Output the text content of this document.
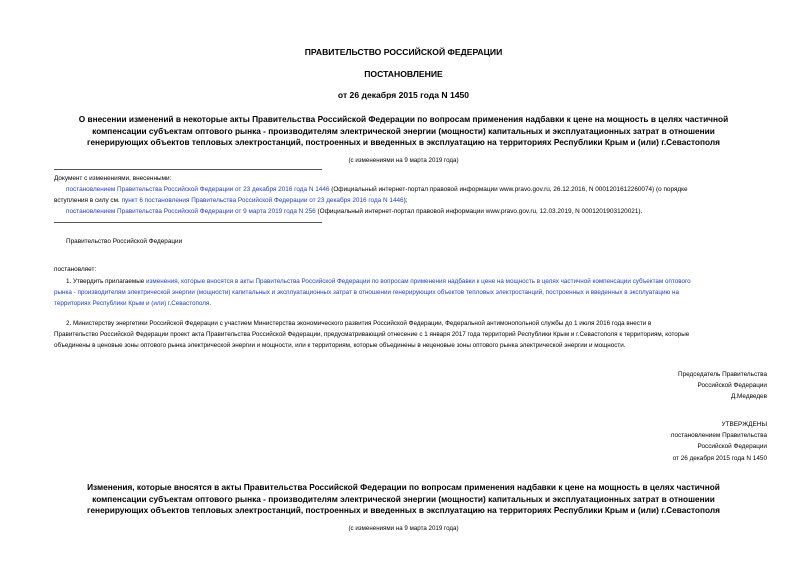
ПРАВИТЕЛЬСТВО РОССИЙСКОЙ ФЕДЕРАЦИИ
ПОСТАНОВЛЕНИЕ
от 26 декабря 2015 года N 1450
О внесении изменений в некоторые акты Правительства Российской Федерации по вопросам применения надбавки к цене на мощность в целях частичной
компенсации субъектам оптового рынка - производителям электрической энергии (мощности) капитальных и эксплуатационных затрат в отношении
генерирующих объектов тепловых электростанций, построенных и введенных в эксплуатацию на территориях Республики Крым и (или) г.Севастополя
(с изменениями на 9 марта 2019 года)
Документ с изменениями, внесенными:
постановлением Правительства Российской Федерации от 23 декабря 2016 года N 1446 (Официальный интернет-портал правовой информации www.pravo.gov.ru, 26.12.2016, N 0001201612260074) (о порядке
вступления в силу см. пункт 6 постановления Правительства Российской Федерации от 23 декабря 2016 года N 1446);
постановлением Правительства Российской Федерации от 9 марта 2019 года N 256 (Официальный интернет-портал правовой информации www.pravo.gov.ru, 12.03.2019, N 0001201903120021).
Правительство Российской Федерации
постановляет:
1. Утвердить прилагаемые изменения, которые вносятся в акты Правительства Российской Федерации по вопросам применения надбавки к цене на мощность в целях частичной компенсации субъектам оптового
рынка - производителям электрической энергии (мощности) капитальных и эксплуатационных затрат в отношении генерирующих объектов тепловых электростанций, построенных и введенных в эксплуатацию на
территориях Республики Крым и (или) г.Севастополя.
2. Министерству энергетики Российской Федерации с участием Министерства экономического развития Российской Федерации, Федеральной антимонопольной службы до 1 июля 2016 года внести в
Правительство Российской Федерации проект акта Правительства Российской Федерации, предусматривающий отнесение с 1 января 2017 года территорий Республики Крым и г.Севастополя к территориям, которые
объединены в ценовые зоны оптового рынка электрической энергии и мощности, или к территориям, которые объединены в неценовые зоны оптового рынка электрической энергии и мощности.
Председатель Правительства
Российской Федерации
Д.Медведев
УТВЕРЖДЕНЫ
постановлением Правительства
Российской Федерации
от 26 декабря 2015 года N 1450
Изменения, которые вносятся в акты Правительства Российской Федерации по вопросам применения надбавки к цене на мощность в целях частичной
компенсации субъектам оптового рынка - производителям электрической энергии (мощности) капитальных и эксплуатационных затрат в отношении
генерирующих объектов тепловых электростанций, построенных и введенных в эксплуатацию на территориях Республики Крым и (или) г.Севастополя
(с изменениями на 9 марта 2019 года)
